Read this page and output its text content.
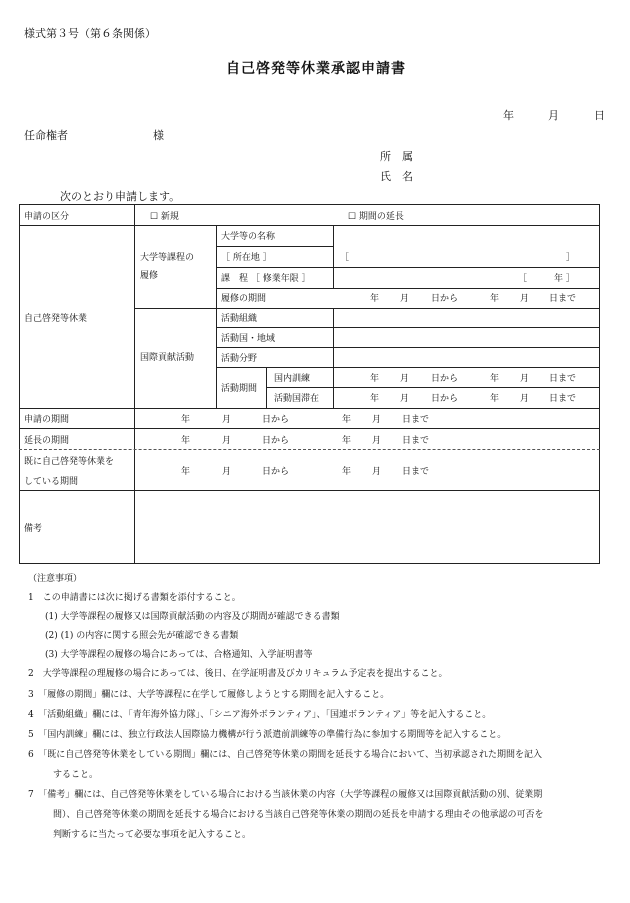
様式第３号（第６条関係）
自己啓発等休業承認申請書
年	月	日
任命権者	様
所　属
氏　名
次のとおり申請します。
申請の区分	☐ 新規	☐ 期間の延長
自己啓発等休業
大学等課程の
履修
大学等の名称
［ 所在地 ］	［	］
課　程 ［ 修業年限 ］	［　　　年 ］
履修の期間	年 月 日から	年 月 日まで
国際貢献活動
活動組織
活動国・地域
活動分野
活動期間
国内訓練	年 月 日から	年 月 日まで
活動国滞在	年 月 日から	年 月 日まで
申請の期間	年	月	日から	年 月 日まで
延長の期間	年	月	日から	年 月 日まで
既に自己啓発等休業を
している期間
年	月	日から	年 月 日まで
備考
（注意事項）
1　この申請書には次に掲げる書類を添付すること。
(1) 大学等課程の履修又は国際貢献活動の内容及び期間が確認できる書類
(2) (1) の内容に関する照会先が確認できる書類
(3) 大学等課程の履修の場合にあっては、合格通知、入学証明書等
2　大学等課程の理履修の場合にあっては、後日、在学証明書及びカリキュラム予定表を提出すること。
3　「履修の期間」欄には、大学等課程に在学して履修しようとする期間を記入すること。
4　「活動組織」欄には、「青年海外協力隊」、「シニア海外ボランティア」、「国連ボランティア」等を記入すること。
5　「国内訓練」欄には、独立行政法人国際協力機構が行う派遣前訓練等の準備行為に参加する期間等を記入すること。
6　「既に自己啓発等休業をしている期間」欄には、自己啓発等休業の期間を延長する場合において、当初承認された期間を記入
すること。
7　「備考」欄には、自己啓発等休業をしている場合における当該休業の内容（大学等課程の履修又は国際貢献活動の別、従業期
間）、自己啓発等休業の期間を延長する場合における当該自己啓発等休業の期間の延長を申請する理由その他承認の可否を
判断するに当たって必要な事項を記入すること。
